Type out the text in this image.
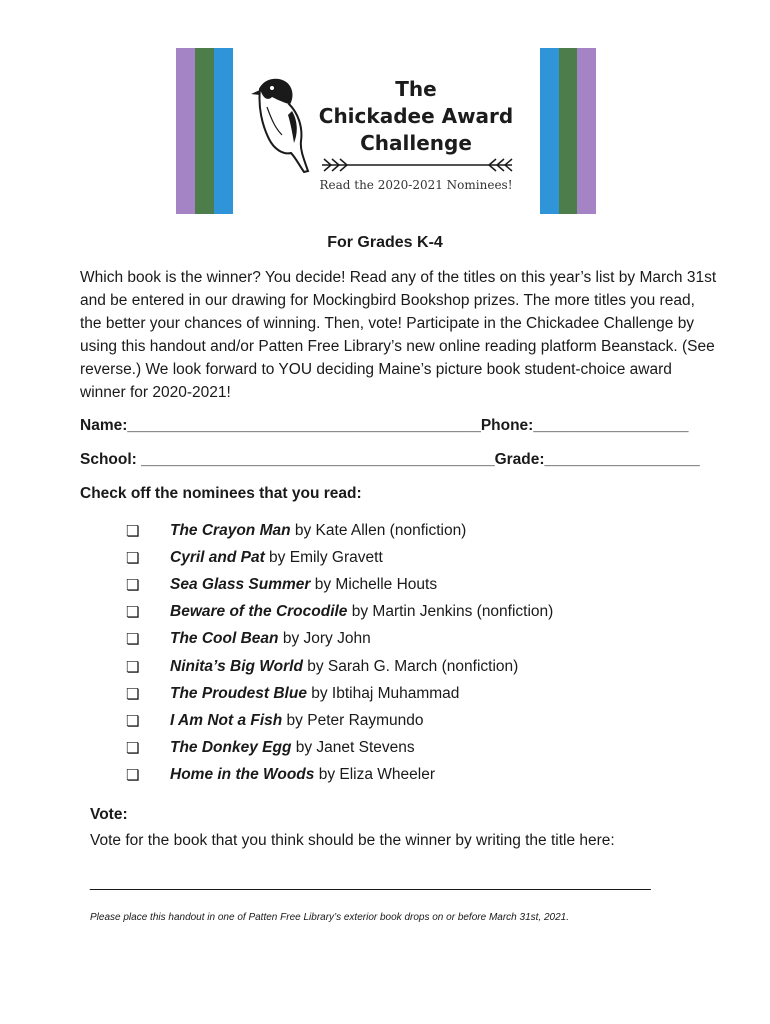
The
Chickadee Award
Challenge
Read the 2020-2021 Nominees!
For Grades K-4

Which book is the winner? You decide! Read any of the titles on this year’s list by March 31st and be entered in our drawing for Mockingbird Bookshop prizes. The more titles you read, the better your chances of winning. Then, vote! Participate in the Chickadee Challenge by using this handout and/or Patten Free Library’s new online reading platform Beanstack. (See reverse.) We look forward to YOU deciding Maine’s picture book student-choice award winner for 2020-2021!

Name:_________________________________________Phone:__________________
School: _________________________________________Grade:__________________
Check off the nominees that you read:
❏	The Crayon Man by Kate Allen (nonfiction)
❏	Cyril and Pat by Emily Gravett
❏	Sea Glass Summer by Michelle Houts
❏	Beware of the Crocodile by Martin Jenkins (nonfiction)
❏	The Cool Bean by Jory John
❏	Ninita’s Big World by Sarah G. March (nonfiction)
❏	The Proudest Blue by Ibtihaj Muhammad
❏	I Am Not a Fish by Peter Raymundo
❏	The Donkey Egg by Janet Stevens
❏	Home in the Woods by Eliza Wheeler
Vote:
Vote for the book that you think should be the winner by writing the title here:
_____________________________________________________________________
Please place this handout in one of Patten Free Library’s exterior book drops on or before March 31st, 2021.
